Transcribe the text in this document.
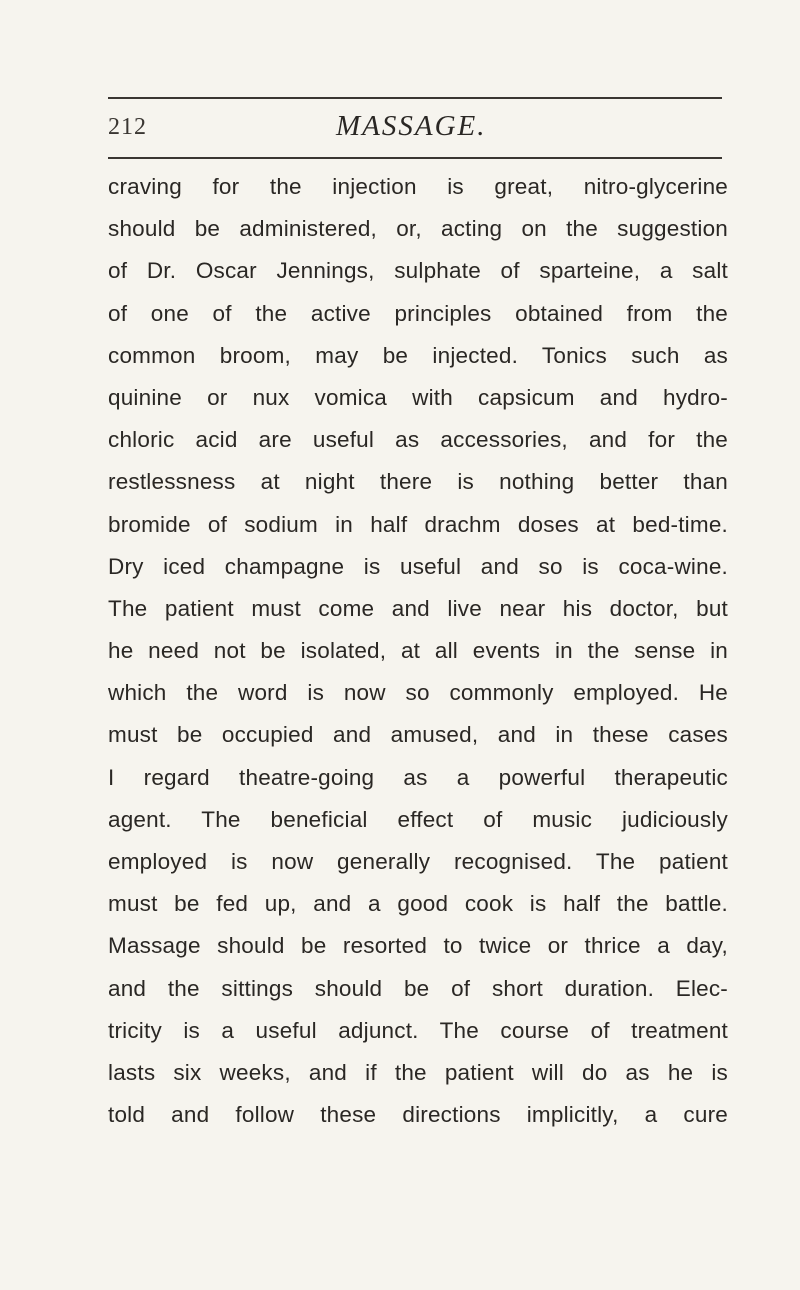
212	MASSAGE.
craving for the injection is great, nitro-glycerine
should be administered, or, acting on the suggestion
of Dr. Oscar Jennings, sulphate of sparteine, a salt
of one of the active principles obtained from the
common broom, may be injected. Tonics such as
quinine or nux vomica with capsicum and hydro-
chloric acid are useful as accessories, and for the
restlessness at night there is nothing better than
bromide of sodium in half drachm doses at bed-time.
Dry iced champagne is useful and so is coca-wine.
The patient must come and live near his doctor, but
he need not be isolated, at all events in the sense in
which the word is now so commonly employed. He
must be occupied and amused, and in these cases
I regard theatre-going as a powerful therapeutic
agent. The beneficial effect of music judiciously
employed is now generally recognised. The patient
must be fed up, and a good cook is half the battle.
Massage should be resorted to twice or thrice a day,
and the sittings should be of short duration. Elec-
tricity is a useful adjunct. The course of treatment
lasts six weeks, and if the patient will do as he is
told and follow these directions implicitly, a cure
